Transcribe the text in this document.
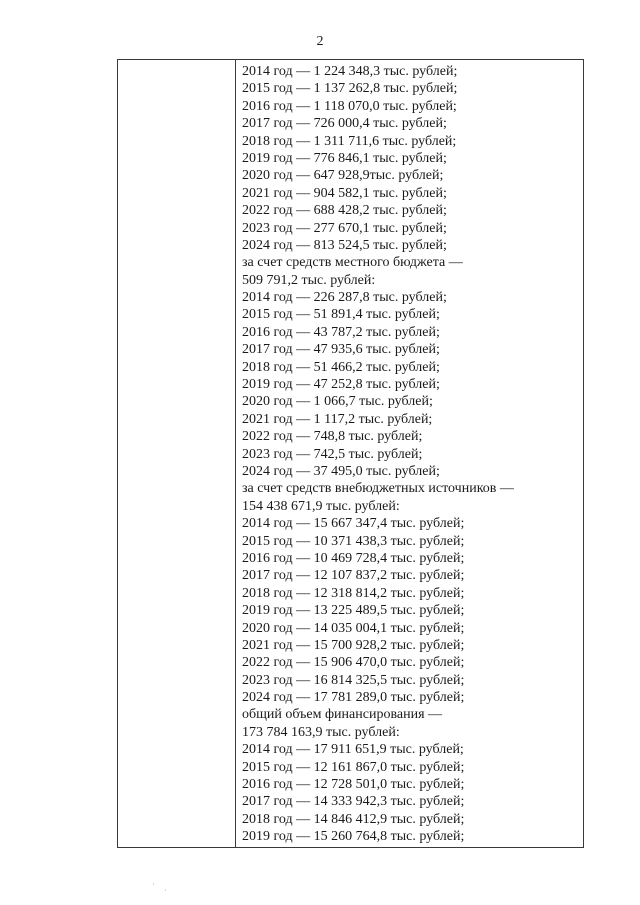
2
2014 год — 1 224 348,3 тыс. рублей;
2015 год — 1 137 262,8 тыс. рублей;
2016 год — 1 118 070,0 тыс. рублей;
2017 год — 726 000,4 тыс. рублей;
2018 год — 1 311 711,6 тыс. рублей;
2019 год — 776 846,1 тыс. рублей;
2020 год — 647 928,9тыс. рублей;
2021 год — 904 582,1 тыс. рублей;
2022 год — 688 428,2 тыс. рублей;
2023 год — 277 670,1 тыс. рублей;
2024 год — 813 524,5 тыс. рублей;
за счет средств местного бюджета —
509 791,2 тыс. рублей:
2014 год — 226 287,8 тыс. рублей;
2015 год — 51 891,4 тыс. рублей;
2016 год — 43 787,2 тыс. рублей;
2017 год — 47 935,6 тыс. рублей;
2018 год — 51 466,2 тыс. рублей;
2019 год — 47 252,8 тыс. рублей;
2020 год — 1 066,7 тыс. рублей;
2021 год — 1 117,2 тыс. рублей;
2022 год — 748,8 тыс. рублей;
2023 год — 742,5 тыс. рублей;
2024 год — 37 495,0 тыс. рублей;
за счет средств внебюджетных источников —
154 438 671,9 тыс. рублей:
2014 год — 15 667 347,4 тыс. рублей;
2015 год — 10 371 438,3 тыс. рублей;
2016 год — 10 469 728,4 тыс. рублей;
2017 год — 12 107 837,2 тыс. рублей;
2018 год — 12 318 814,2 тыс. рублей;
2019 год — 13 225 489,5 тыс. рублей;
2020 год — 14 035 004,1 тыс. рублей;
2021 год — 15 700 928,2 тыс. рублей;
2022 год — 15 906 470,0 тыс. рублей;
2023 год — 16 814 325,5 тыс. рублей;
2024 год — 17 781 289,0 тыс. рублей;
общий объем финансирования —
173 784 163,9 тыс. рублей:
2014 год — 17 911 651,9 тыс. рублей;
2015 год — 12 161 867,0 тыс. рублей;
2016 год — 12 728 501,0 тыс. рублей;
2017 год — 14 333 942,3 тыс. рублей;
2018 год — 14 846 412,9 тыс. рублей;
2019 год — 15 260 764,8 тыс. рублей;
·
·
